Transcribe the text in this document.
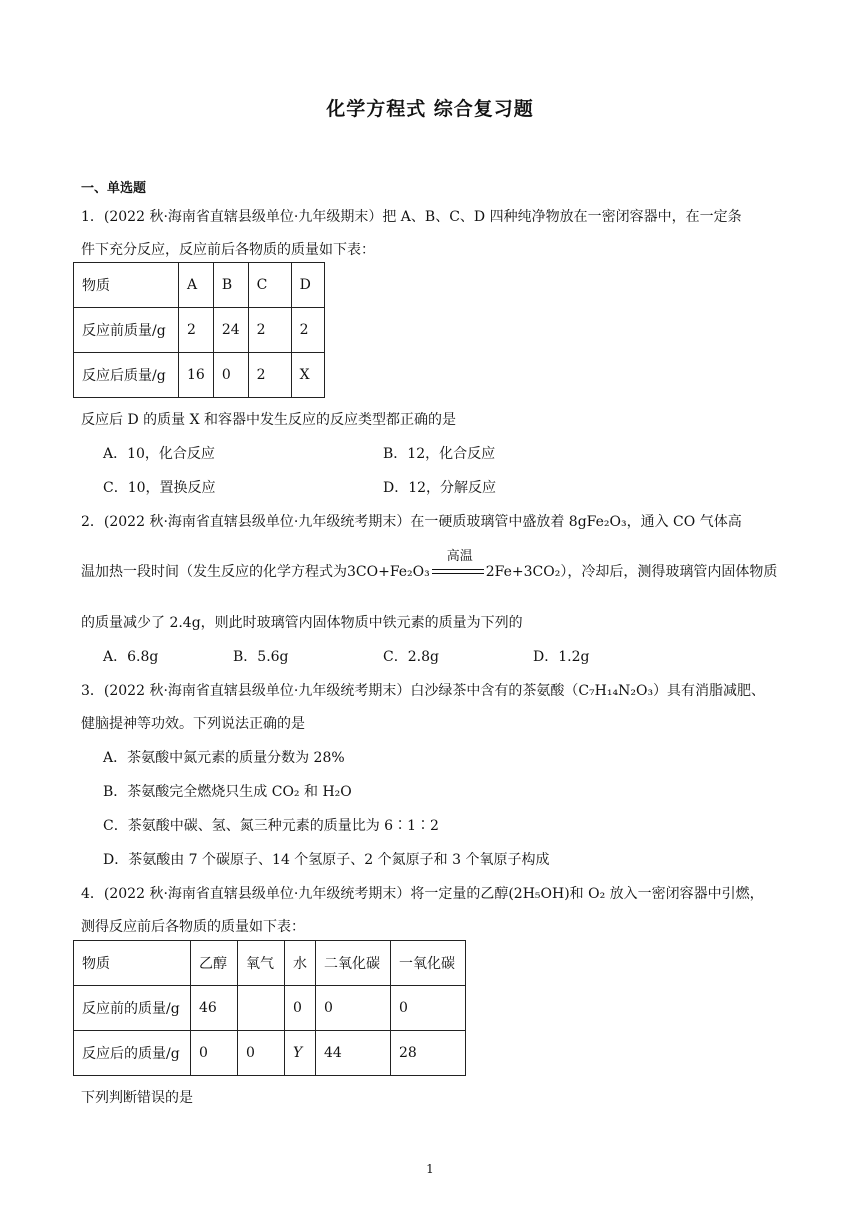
化学方程式 综合复习题
一、单选题
1．(2022 秋·海南省直辖县级单位·九年级期末）把 A、B、C、D 四种纯净物放在一密闭容器中，在一定条
件下充分反应，反应前后各物质的质量如下表：
物质	A	B	C	D
反应前质量/g	2	24	2	2
反应后质量/g	16	0	2	X
反应后 D 的质量 X 和容器中发生反应的反应类型都正确的是
A．10，化合反应	B．12，化合反应
C．10，置换反应	D．12，分解反应
2．(2022 秋·海南省直辖县级单位·九年级统考期末）在一硬质玻璃管中盛放着 8gFe₂O₃，通入 CO 气体高
温加热一段时间（发生反应的化学方程式为3CO+Fe₂O₃
高温
2Fe+3CO₂），冷却后，测得玻璃管内固体物质
的质量减少了 2.4g，则此时玻璃管内固体物质中铁元素的质量为下列的
A．6.8g	B．5.6g	C．2.8g	D．1.2g
3．(2022 秋·海南省直辖县级单位·九年级统考期末）白沙绿茶中含有的茶氨酸（C₇H₁₄N₂O₃）具有消脂减肥、
健脑提神等功效。下列说法正确的是
A．茶氨酸中氮元素的质量分数为 28%
B．茶氨酸完全燃烧只生成 CO₂ 和 H₂O
C．茶氨酸中碳、氢、氮三种元素的质量比为 6∶1∶2
D．茶氨酸由 7 个碳原子、14 个氢原子、2 个氮原子和 3 个氧原子构成
4．(2022 秋·海南省直辖县级单位·九年级统考期末）将一定量的乙醇(2H₅OH)和 O₂ 放入一密闭容器中引燃，
测得反应前后各物质的质量如下表：
物质	乙醇	氧气	水	二氧化碳	一氧化碳
反应前的质量/g	46		0	0	0
反应后的质量/g	0	0	Y	44	28
下列判断错误的是
1
